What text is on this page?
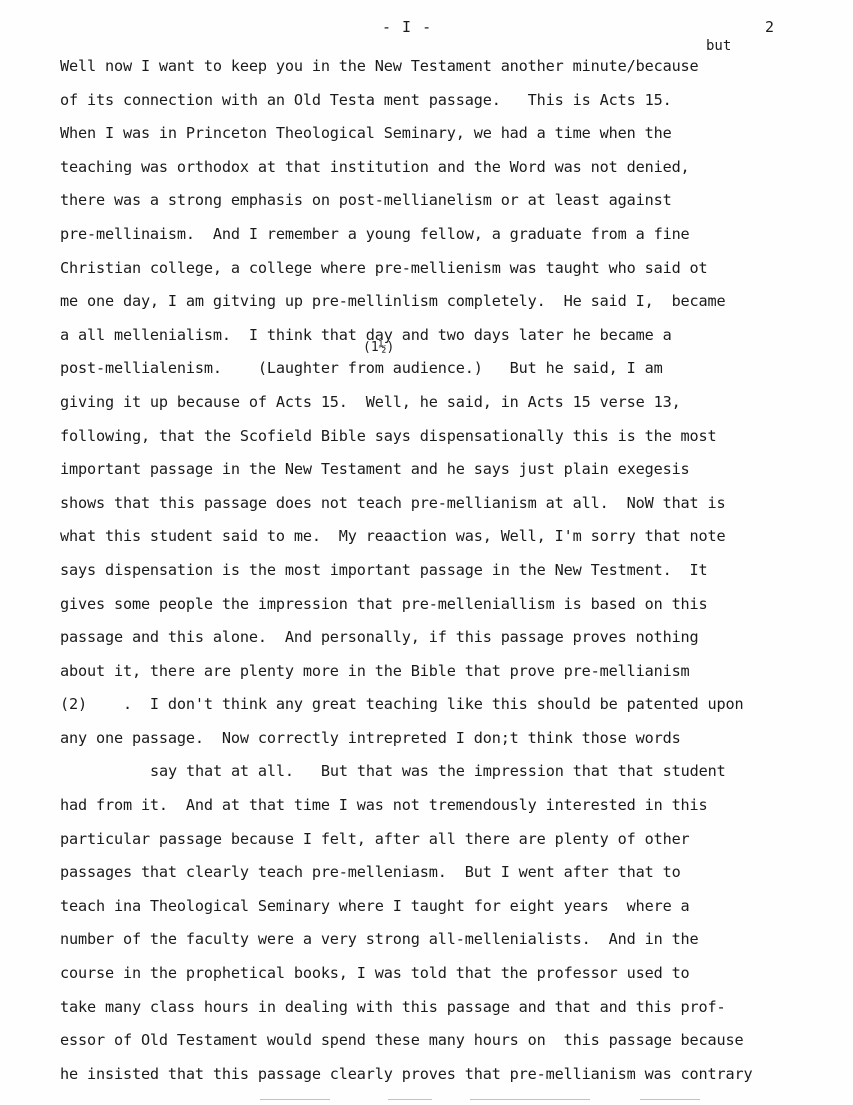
- I -	2
but
(1½)
Well now I want to keep you in the New Testament another minute/because
of its connection with an Old Testa ment passage.   This is Acts 15.
When I was in Princeton Theological Seminary, we had a time when the
teaching was orthodox at that institution and the Word was not denied,
there was a strong emphasis on post-mellianelism or at least against
pre-mellinaism.  And I remember a young fellow, a graduate from a fine
Christian college, a college where pre-mellienism was taught who said ot
me one day, I am gitving up pre-mellinlism completely.  He said I,  became
a all mellenialism.  I think that day and two days later he became a
post-mellialenism.    (Laughter from audience.)   But he said, I am
giving it up because of Acts 15.  Well, he said, in Acts 15 verse 13,
following, that the Scofield Bible says dispensationally this is the most
important passage in the New Testament and he says just plain exegesis
shows that this passage does not teach pre-mellianism at all.  NoW that is
what this student said to me.  My reaaction was, Well, I'm sorry that note
says dispensation is the most important passage in the New Testment.  It
gives some people the impression that pre-melleniallism is based on this
passage and this alone.  And personally, if this passage proves nothing
about it, there are plenty more in the Bible that prove pre-mellianism
(2)    .  I don't think any great teaching like this should be patented upon
any one passage.  Now correctly intrepreted I don;t think those words
say that at all.   But that was the impression that that student
had from it.  And at that time I was not tremendously interested in this
particular passage because I felt, after all there are plenty of other
passages that clearly teach pre-melleniasm.  But I went after that to
teach ina Theological Seminary where I taught for eight years  where a
number of the faculty were a very strong all-mellenialists.  And in the
course in the prophetical books, I was told that the professor used to
take many class hours in dealing with this passage and that and this prof-
essor of Old Testament would spend these many hours on  this passage because
he insisted that this passage clearly proves that pre-mellianism was contrary
